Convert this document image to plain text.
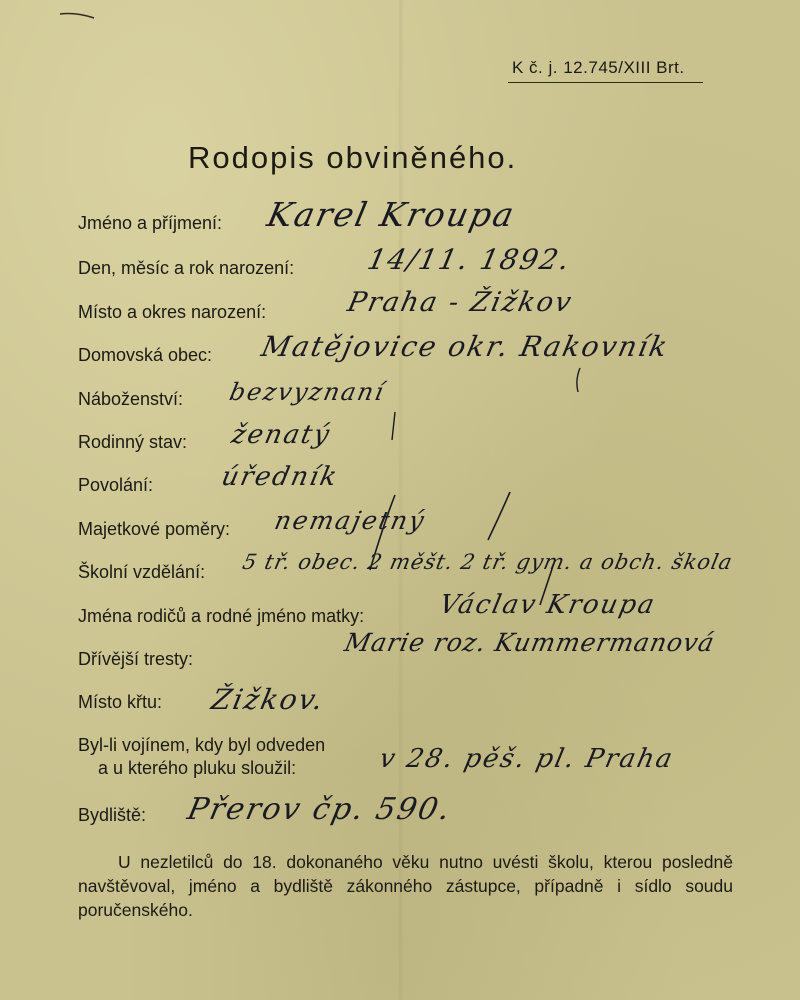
K č. j. 12.745/XIII Brt.
Rodopis obviněného.
Jméno a příjmení:
Den, měsíc a rok narození:
Místo a okres narození:
Domovská obec:
Náboženství:
Rodinný stav:
Povolání:
Majetkové poměry:
Školní vzdělání:
Jména rodičů a rodné jméno matky:
Dřívější tresty:
Místo křtu:
Byl-li vojínem, kdy byl odveden
a u kterého pluku sloužil:
Bydliště:
Karel Kroupa
14/11. 1892.
Praha - Žižkov
Matějovice okr. Rakovník
bezvyznaní
ženatý
úředník
nemajetný
5 tř. obec. 2 měšt. 2 tř. gym. a obch. škola
Václav Kroupa
Marie roz. Kummermanová
Žižkov.
v 28. pěš. pl. Praha
Přerov čp. 590.

U nezletilců do 18. dokonaného věku nutno uvésti školu, kterou posledně navštěvoval, jméno a bydliště zákonného zástupce, případně i sídlo soudu poručenského.
